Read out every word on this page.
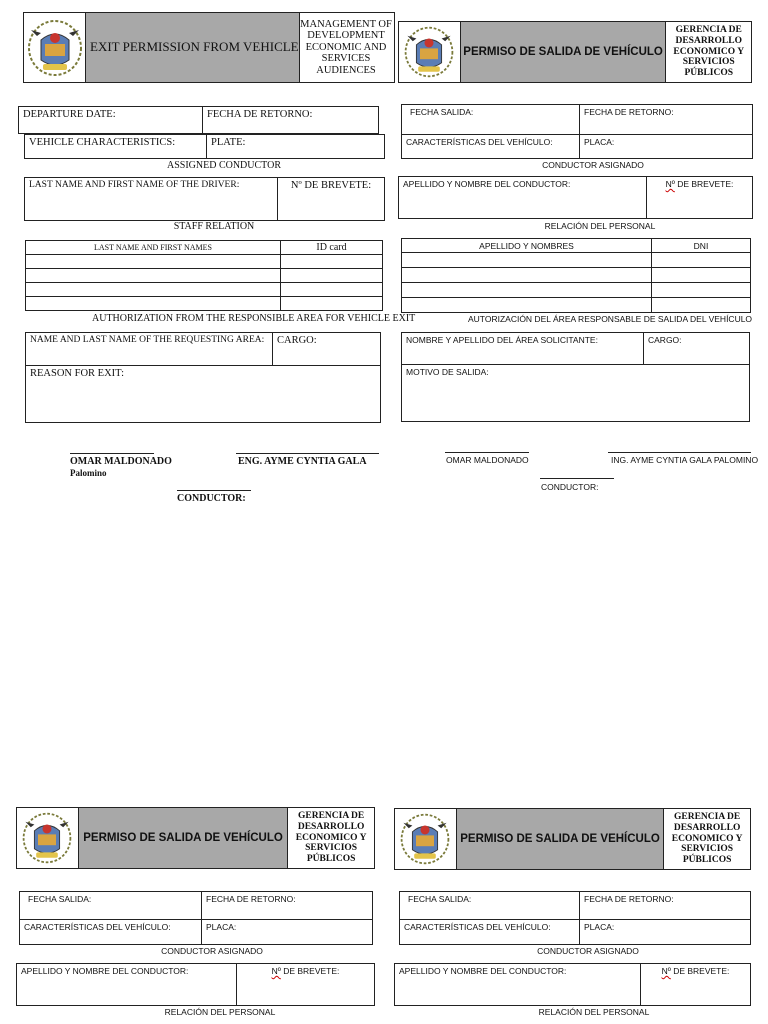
EXIT PERMISSION FROM VEHICLE
MANAGEMENT OF DEVELOPMENT ECONOMIC AND SERVICES AUDIENCES
DEPARTURE DATE:	FECHA DE RETORNO:
VEHICLE CHARACTERISTICS:	PLATE:
ASSIGNED CONDUCTOR
LAST NAME AND FIRST NAME OF THE DRIVER:	Nº DE BREVETE:
STAFF RELATION
LAST NAME AND FIRST NAMES	ID card

AUTHORIZATION FROM THE RESPONSIBLE AREA FOR VEHICLE EXIT
NAME AND LAST NAME OF THE REQUESTING AREA:	CARGO:
REASON FOR EXIT:
OMAR MALDONADO
Palomino
ENG. AYME CYNTIA GALA
CONDUCTOR:
PERMISO DE SALIDA DE VEHÍCULO
GERENCIA DE DESARROLLO ECONOMICO Y SERVICIOS PÚBLICOS
FECHA SALIDA:	FECHA DE RETORNO:
CARACTERÍSTICAS DEL VEHÍCULO:	PLACA:
CONDUCTOR ASIGNADO
APELLIDO Y NOMBRE DEL CONDUCTOR:	Nº DE BREVETE:
RELACIÓN DEL PERSONAL
APELLIDO Y NOMBRES	DNI

AUTORIZACIÓN DEL ÁREA RESPONSABLE DE SALIDA DEL VEHÍCULO
NOMBRE Y APELLIDO DEL ÁREA SOLICITANTE:	CARGO:
MOTIVO DE SALIDA:
OMAR MALDONADO	ING. AYME CYNTIA GALA PALOMINO
CONDUCTOR:
PERMISO DE SALIDA DE VEHÍCULO
GERENCIA DE DESARROLLO ECONOMICO Y SERVICIOS PÚBLICOS
FECHA SALIDA:	FECHA DE RETORNO:
CARACTERÍSTICAS DEL VEHÍCULO:	PLACA:
CONDUCTOR ASIGNADO
APELLIDO Y NOMBRE DEL CONDUCTOR:	Nº DE BREVETE:
RELACIÓN DEL PERSONAL
PERMISO DE SALIDA DE VEHÍCULO
GERENCIA DE DESARROLLO ECONOMICO Y SERVICIOS PÚBLICOS
FECHA SALIDA:	FECHA DE RETORNO:
CARACTERÍSTICAS DEL VEHÍCULO:	PLACA:
CONDUCTOR ASIGNADO
APELLIDO Y NOMBRE DEL CONDUCTOR:	Nº DE BREVETE:
RELACIÓN DEL PERSONAL
